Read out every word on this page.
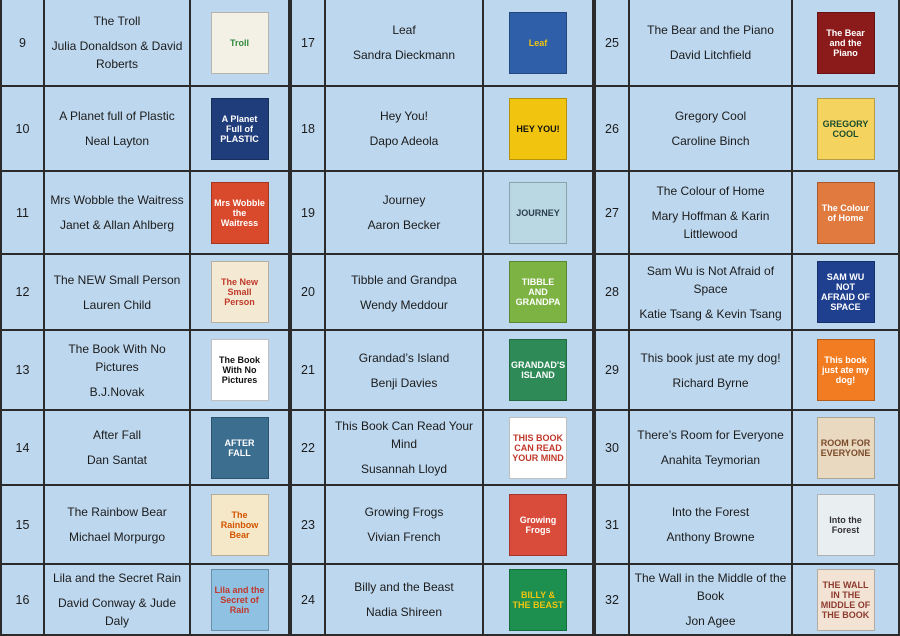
9
The Troll
Julia Donaldson & David Roberts
Troll
10
A Planet full of Plastic
Neal Layton
A Planet Full of PLASTIC
11
Mrs Wobble the Waitress
Janet & Allan Ahlberg
Mrs Wobble the Waitress
12
The NEW Small Person
Lauren Child
The New Small Person
13
The Book With No Pictures
B.J.Novak
The Book With No Pictures
14
After Fall
Dan Santat
AFTER FALL
15
The Rainbow Bear
Michael Morpurgo
The Rainbow Bear
16
Lila and the Secret Rain
David Conway & Jude Daly
Lila and the Secret of Rain
17
Leaf
Sandra Dieckmann
Leaf
18
Hey You!
Dapo Adeola
HEY YOU!
19
Journey
Aaron Becker
JOURNEY
20
Tibble and Grandpa
Wendy Meddour
TIBBLE AND GRANDPA
21
Grandad’s Island
Benji Davies
GRANDAD'S ISLAND
22
This Book Can Read Your Mind
Susannah Lloyd
THIS BOOK CAN READ YOUR MIND
23
Growing Frogs
Vivian French
Growing Frogs
24
Billy and the Beast
Nadia Shireen
BILLY & THE BEAST
25
The Bear and the Piano
David Litchfield
The Bear and the Piano
26
Gregory Cool
Caroline Binch
GREGORY COOL
27
The Colour of Home
Mary Hoffman & Karin Littlewood
The Colour of Home
28
Sam Wu is Not Afraid of Space
Katie Tsang & Kevin Tsang
SAM WU NOT AFRAID OF SPACE
29
This book just ate my dog!
Richard Byrne
This book just ate my dog!
30
There’s Room for Everyone
Anahita Teymorian
ROOM FOR EVERYONE
31
Into the Forest
Anthony Browne
Into the Forest
32
The Wall in the Middle of the Book
Jon Agee
THE WALL IN THE MIDDLE OF THE BOOK
